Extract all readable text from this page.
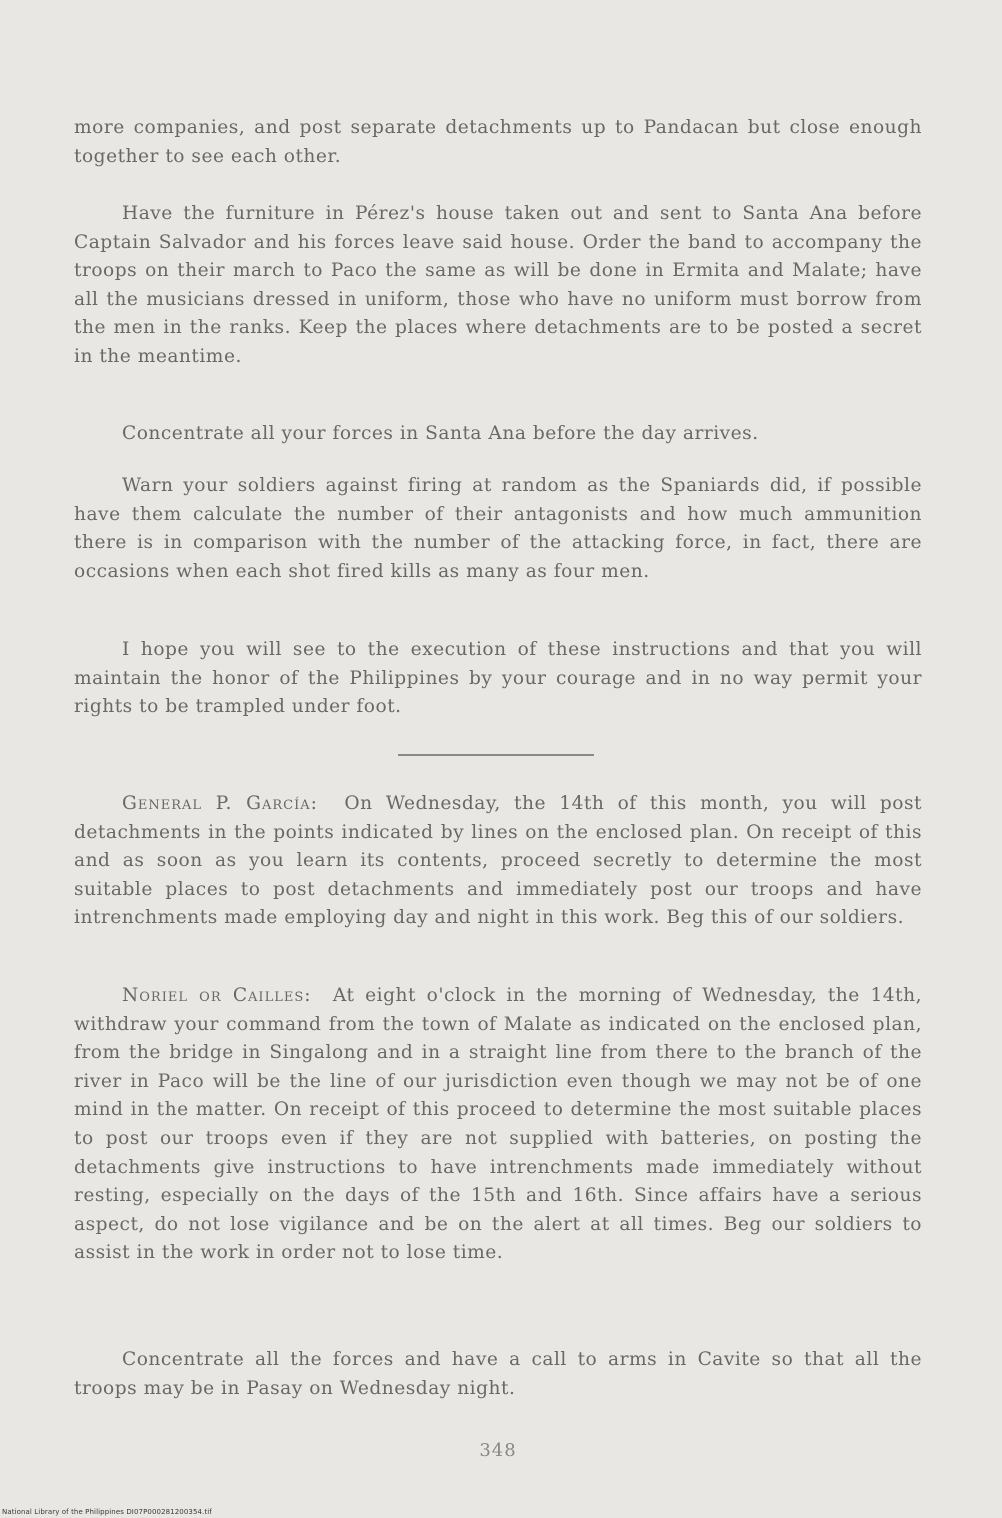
more companies, and post separate detachments up to Pandacan but close enough together to see each other.

Have the furniture in Pérez's house taken out and sent to Santa Ana before Captain Salvador and his forces leave said house. Order the band to accompany the troops on their march to Paco the same as will be done in Ermita and Malate; have all the musicians dressed in uniform, those who have no uniform must borrow from the men in the ranks. Keep the places where detachments are to be posted a secret in the meantime.

Concentrate all your forces in Santa Ana before the day arrives.

Warn your soldiers against firing at random as the Spaniards did, if possible have them calculate the number of their antagonists and how much ammunition there is in comparison with the number of the attacking force, in fact, there are occasions when each shot fired kills as many as four men.

I hope you will see to the execution of these instructions and that you will maintain the honor of the Philippines by your courage and in no way permit your rights to be trampled under foot.

General P. García: On Wednesday, the 14th of this month, you will post detachments in the points indicated by lines on the enclosed plan. On receipt of this and as soon as you learn its contents, proceed secretly to determine the most suitable places to post detachments and immediately post our troops and have intrenchments made employing day and night in this work. Beg this of our soldiers.

Noriel or Cailles: At eight o'clock in the morning of Wednesday, the 14th, withdraw your command from the town of Malate as indicated on the enclosed plan, from the bridge in Singalong and in a straight line from there to the branch of the river in Paco will be the line of our jurisdiction even though we may not be of one mind in the matter. On receipt of this proceed to determine the most suitable places to post our troops even if they are not supplied with batteries, on posting the detachments give instructions to have intrenchments made immediately without resting, especially on the days of the 15th and 16th. Since affairs have a serious aspect, do not lose vigilance and be on the alert at all times. Beg our soldiers to assist in the work in order not to lose time.

Concentrate all the forces and have a call to arms in Cavite so that all the troops may be in Pasay on Wednesday night.

348
National Library of the Philippines DI07P000281200354.tif
